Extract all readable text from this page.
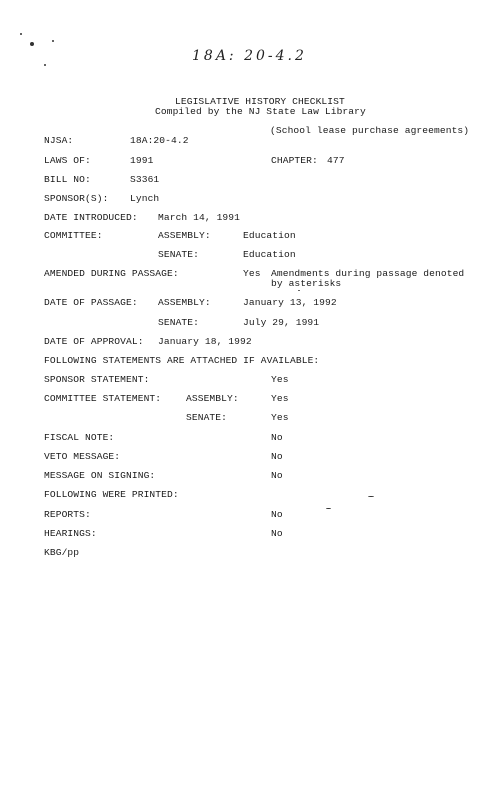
18A: 20-4.2
LEGISLATIVE HISTORY CHECKLIST
Compiled by the NJ State Law Library
(School lease purchase agreements)
NJSA:	18A:20-4.2
LAWS OF:	1991	CHAPTER: 477
BILL NO:	S3361
SPONSOR(S): Lynch
DATE INTRODUCED: March 14, 1991
COMMITTEE:	ASSEMBLY:	Education
SENATE:	Education
AMENDED DURING PASSAGE:	Yes Amendments during passage denoted
by asterisks
DATE OF PASSAGE: ASSEMBLY:	January 13, 1992
SENATE:	July 29, 1991
DATE OF APPROVAL: January 18, 1992
FOLLOWING STATEMENTS ARE ATTACHED IF AVAILABLE:
SPONSOR STATEMENT:	Yes
COMMITTEE STATEMENT:	ASSEMBLY:	Yes
SENATE:	Yes
FISCAL NOTE:	No
VETO MESSAGE:	No
MESSAGE ON SIGNING:	No
FOLLOWING WERE PRINTED:
REPORTS:	No
HEARINGS:	No
KBG/pp
